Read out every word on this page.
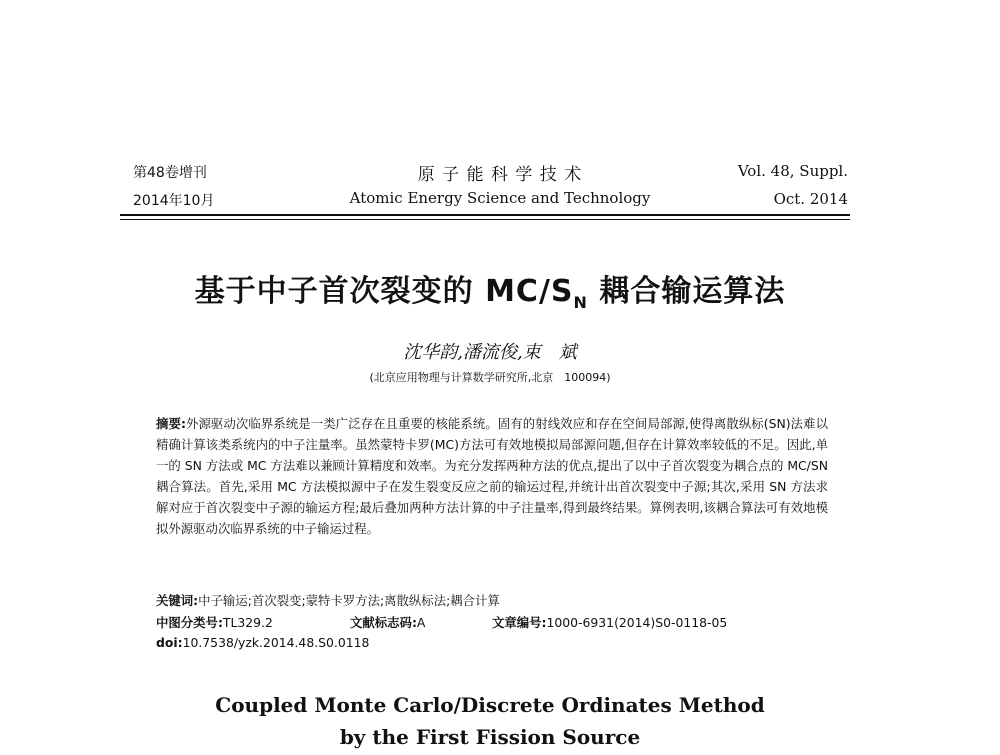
第48卷增刊
2014年10月
原 子 能 科 学 技 术
Atomic Energy Science and Technology
Vol. 48, Suppl.
Oct. 2014
基于中子首次裂变的 $MC/S_N$ 耦合输运算法
沈华韵,潘流俊,束　斌
(北京应用物理与计算数学研究所,北京　100094)
摘要:外源驱动次临界系统是一类广泛存在且重要的核能系统。固有的射线效应和存在空间局部源,使得离散纵标(SN)法难以精确计算该类系统内的中子注量率。虽然蒙特卡罗(MC)方法可有效地模拟局部源问题,但存在计算效率较低的不足。因此,单一的 SN 方法或 MC 方法难以兼顾计算精度和效率。为充分发挥两种方法的优点,提出了以中子首次裂变为耦合点的 MC/SN 耦合算法。首先,采用 MC 方法模拟源中子在发生裂变反应之前的输运过程,并统计出首次裂变中子源;其次,采用 SN 方法求解对应于首次裂变中子源的输运方程;最后叠加两种方法计算的中子注量率,得到最终结果。算例表明,该耦合算法可有效地模拟外源驱动次临界系统的中子输运过程。
关键词:中子输运;首次裂变;蒙特卡罗方法;离散纵标法;耦合计算
中图分类号:TL329.2	文献标志码:A	文章编号:1000-6931(2014)S0-0118-05
doi:10.7538/yzk.2014.48.S0.0118
Coupled Monte Carlo/Discrete Ordinates Method
by the First Fission Source
